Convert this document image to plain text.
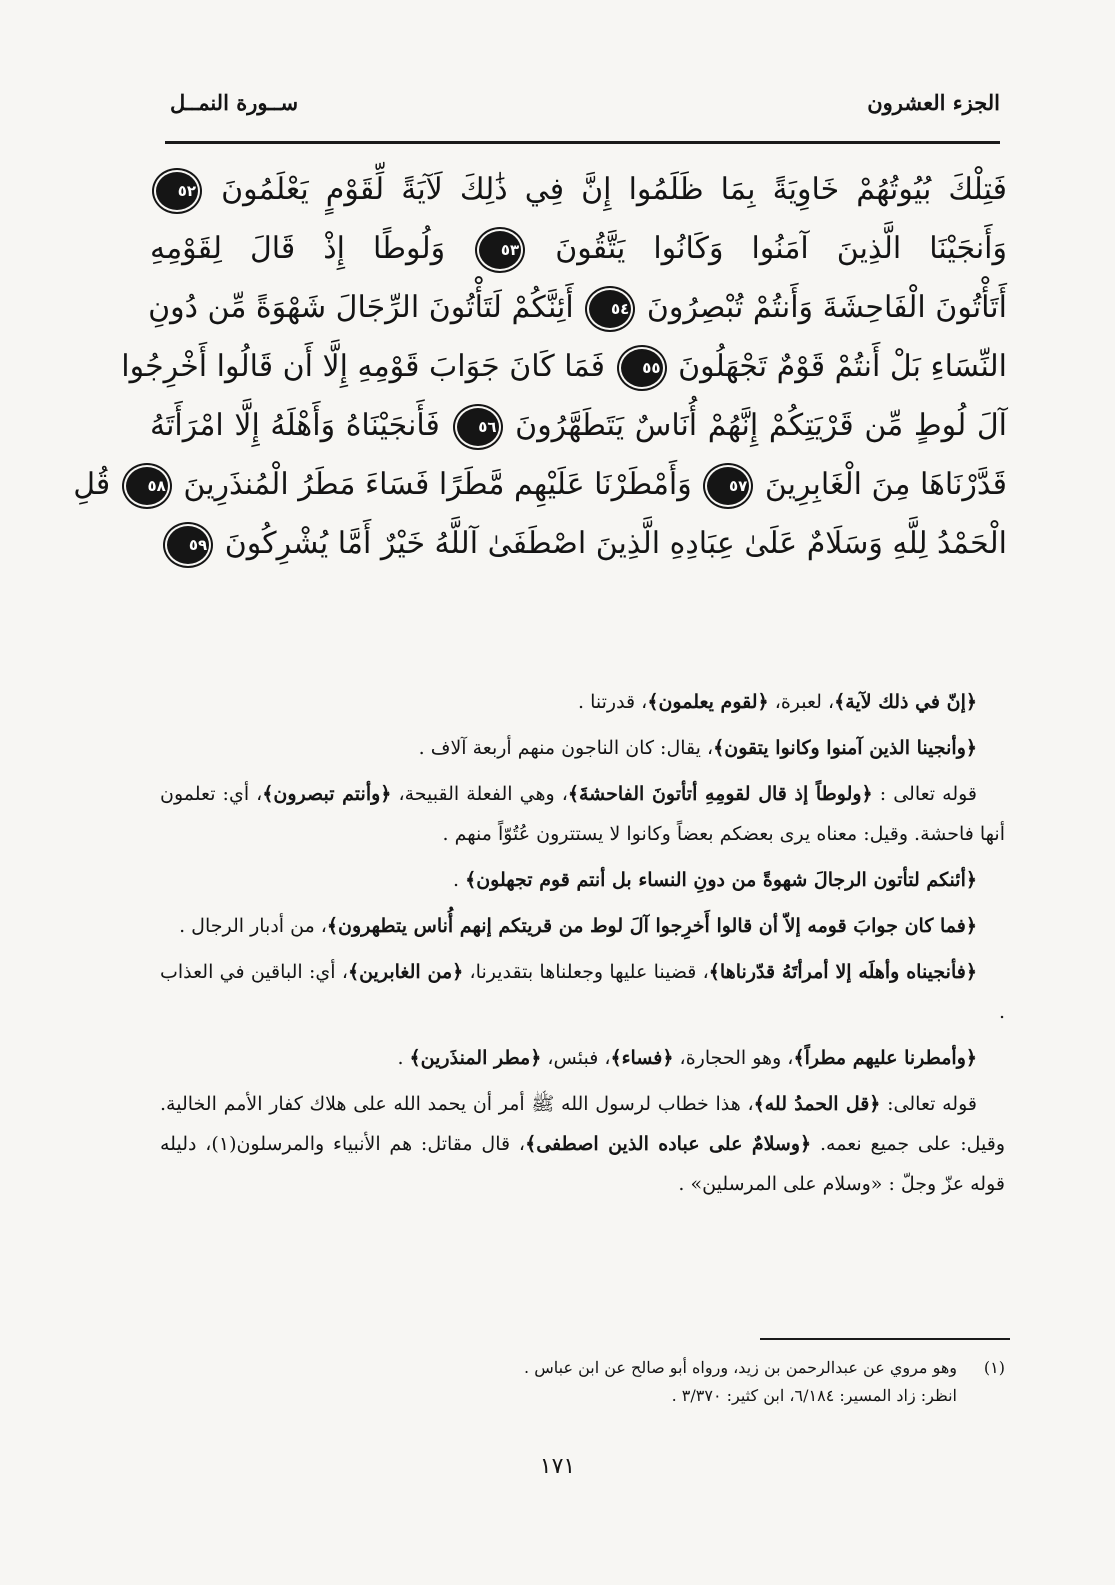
الجزء العشرون
ســورة النمــل
فَتِلْكَ بُيُوتُهُمْ خَاوِيَةً بِمَا ظَلَمُوا إِنَّ فِي ذَٰلِكَ لَآيَةً لِّقَوْمٍ يَعْلَمُونَ ٥٢
وَأَنجَيْنَا الَّذِينَ آمَنُوا وَكَانُوا يَتَّقُونَ ٥٣ وَلُوطًا إِذْ قَالَ لِقَوْمِهِ
أَتَأْتُونَ الْفَاحِشَةَ وَأَنتُمْ تُبْصِرُونَ ٥٤ أَئِنَّكُمْ لَتَأْتُونَ الرِّجَالَ شَهْوَةً مِّن دُونِ
النِّسَاءِ بَلْ أَنتُمْ قَوْمٌ تَجْهَلُونَ ٥٥ فَمَا كَانَ جَوَابَ قَوْمِهِ إِلَّا أَن قَالُوا أَخْرِجُوا
آلَ لُوطٍ مِّن قَرْيَتِكُمْ إِنَّهُمْ أُنَاسٌ يَتَطَهَّرُونَ ٥٦ فَأَنجَيْنَاهُ وَأَهْلَهُ إِلَّا امْرَأَتَهُ
قَدَّرْنَاهَا مِنَ الْغَابِرِينَ ٥٧ وَأَمْطَرْنَا عَلَيْهِم مَّطَرًا فَسَاءَ مَطَرُ الْمُنذَرِينَ ٥٨ قُلِ
الْحَمْدُ لِلَّهِ وَسَلَامٌ عَلَىٰ عِبَادِهِ الَّذِينَ اصْطَفَىٰ آللَّهُ خَيْرٌ أَمَّا يُشْرِكُونَ ٥٩

﴿إنّ في ذلك لآية﴾، لعبرة، ﴿لقوم يعلمون﴾، قدرتنا .

﴿وأنجينا الذين آمنوا وكانوا يتقون﴾، يقال: كان الناجون منهم أربعة آلاف .

قوله تعالى : ﴿ولوطاً إذ قال لقومِهِ أتأتونَ الفاحشةَ﴾، وهي الفعلة القبيحة، ﴿وأنتم تبصرون﴾، أي: تعلمون أنها فاحشة. وقيل: معناه يرى بعضكم بعضاً وكانوا لا يستترون عُتُوّاً منهم .

﴿أئنكم لتأتون الرجالَ شهوةً من دونِ النساء بل أنتم قوم تجهلون﴾ .

﴿فما كان جوابَ قومه إلاّ أن قالوا أَخرِجوا آلَ لوط من قريتكم إنهم أُناس يتطهرون﴾، من أدبار الرجال .

﴿فأنجيناه وأهلَه إلا أمرأتَهُ قدّرناها﴾، قضينا عليها وجعلناها بتقديرنا، ﴿من الغابرين﴾، أي: الباقين في العذاب .

﴿وأمطرنا عليهم مطراً﴾، وهو الحجارة، ﴿فساء﴾، فبئس، ﴿مطر المنذَرين﴾ .

قوله تعالى: ﴿قل الحمدُ لله﴾، هذا خطاب لرسول الله ﷺ أمر أن يحمد الله على هلاك كفار الأمم الخالية. وقيل: على جميع نعمه. ﴿وسلامٌ على عباده الذين اصطفى﴾، قال مقاتل: هم الأنبياء والمرسلون(١)، دليله قوله عزّ وجلّ : «وسلام على المرسلين» .

(١)وهو مروي عن عبدالرحمن بن زيد، ورواه أبو صالح عن ابن عباس .
انظر: زاد المسير: ٦/١٨٤، ابن كثير: ٣/٣٧٠ .
١٧١
